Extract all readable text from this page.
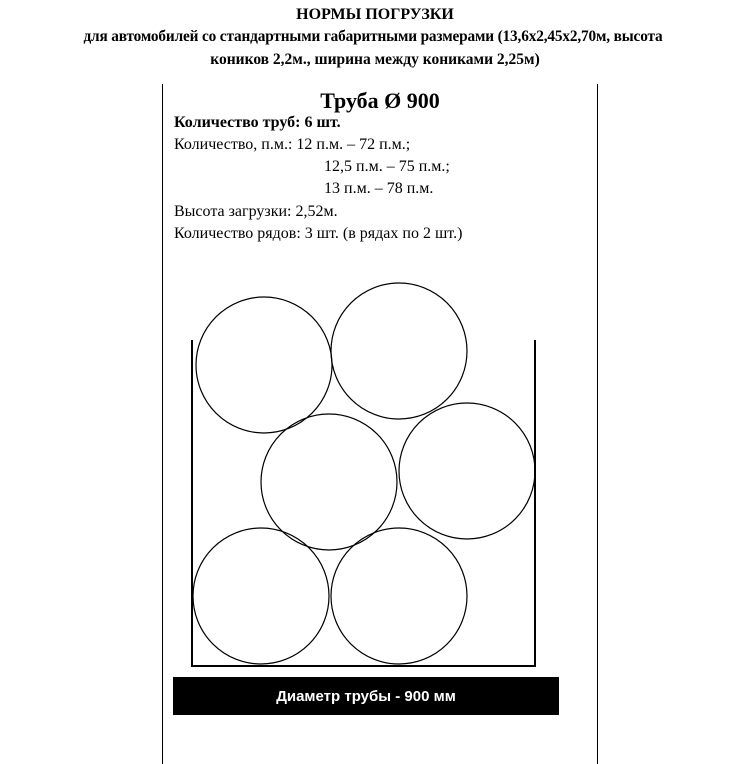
НОРМЫ ПОГРУЗКИ
для автомобилей со стандартными габаритными размерами (13,6х2,45х2,70м, высота
коников 2,2м., ширина между кониками 2,25м)
Труба Ø 900
Количество труб: 6 шт.
Количество, п.м.: 12 п.м. – 72 п.м.;
12,5 п.м. – 75 п.м.;
13 п.м. – 78 п.м.
Высота загрузки: 2,52м.
Количество рядов: 3 шт. (в рядах по 2 шт.)
Диаметр трубы - 900 мм
